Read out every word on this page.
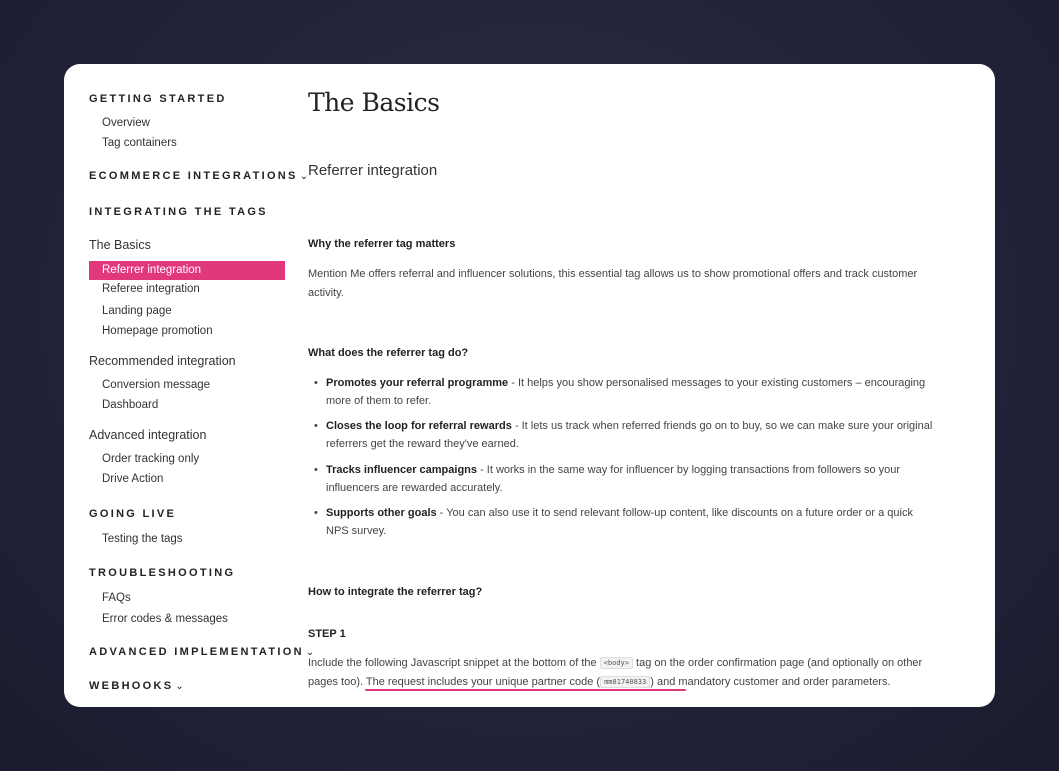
GETTING STARTED
Overview
Tag containers
ECOMMERCE INTEGRATIONS ⌄
INTEGRATING THE TAGS
The Basics
Referrer integration
Referee integration
Landing page
Homepage promotion
Recommended integration
Conversion message
Dashboard
Advanced integration
Order tracking only
Drive Action
GOING LIVE
Testing the tags
TROUBLESHOOTING
FAQs
Error codes & messages
ADVANCED IMPLEMENTATION ⌄
WEBHOOKS ⌄
The Basics
Referrer integration
Why the referrer tag matters
Mention Me offers referral and influencer solutions, this essential tag allows us to show promotional offers and track customer activity.
What does the referrer tag do?
• Promotes your referral programme - It helps you show personalised messages to your existing customers – encouraging more of them to refer.
• Closes the loop for referral rewards - It lets us track when referred friends go on to buy, so we can make sure your original referrers get the reward they've earned.
• Tracks influencer campaigns - It works in the same way for influencer by logging transactions from followers so your influencers are rewarded accurately.
• Supports other goals - You can also use it to send relevant follow-up content, like discounts on a future order or a quick NPS survey.
How to integrate the referrer tag?
STEP 1
Include the following Javascript snippet at the bottom of the <body> tag on the order confirmation page (and optionally on other pages too). The request includes your unique partner code ( mm81740833 ) and mandatory customer and order parameters.
